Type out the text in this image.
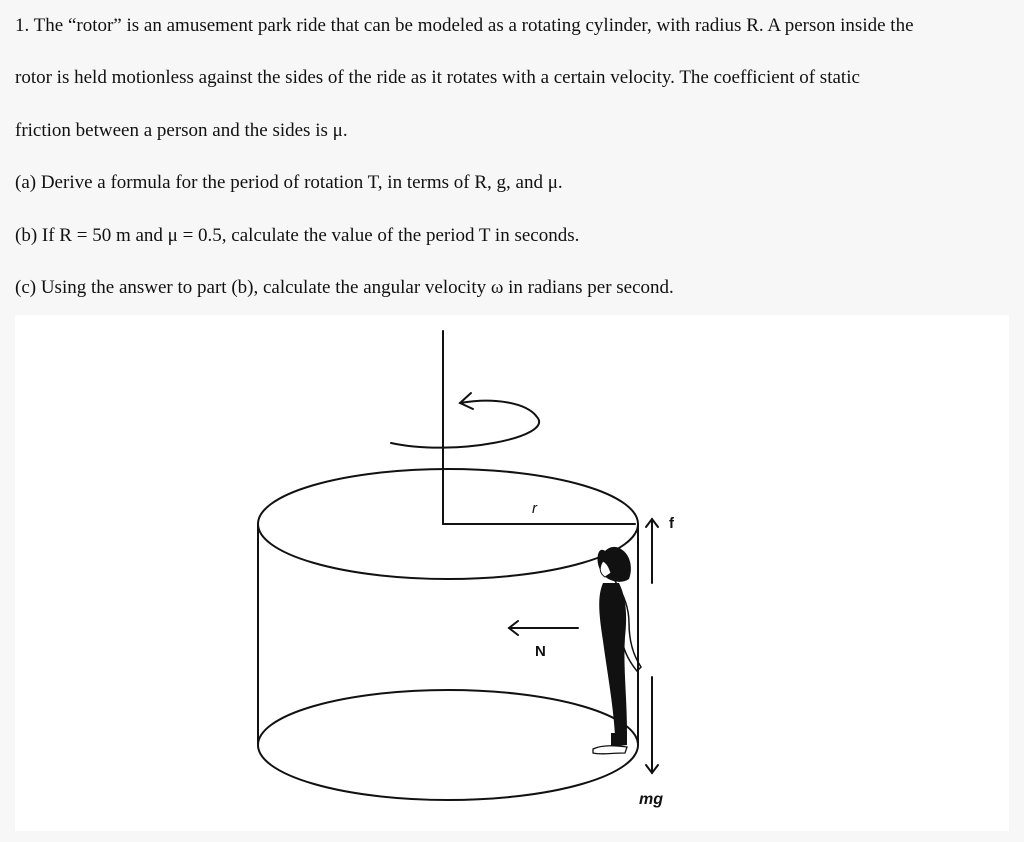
1. The “rotor” is an amusement park ride that can be modeled as a rotating cylinder, with radius R. A person inside the
rotor is held motionless against the sides of the ride as it rotates with a certain velocity. The coefficient of static
friction between a person and the sides is μ.
(a) Derive a formula for the period of rotation T, in terms of R, g, and μ.
(b) If R = 50 m and μ = 0.5, calculate the value of the period T in seconds.
(c) Using the answer to part (b), calculate the angular velocity ω in radians per second.
r
f
N
mg
